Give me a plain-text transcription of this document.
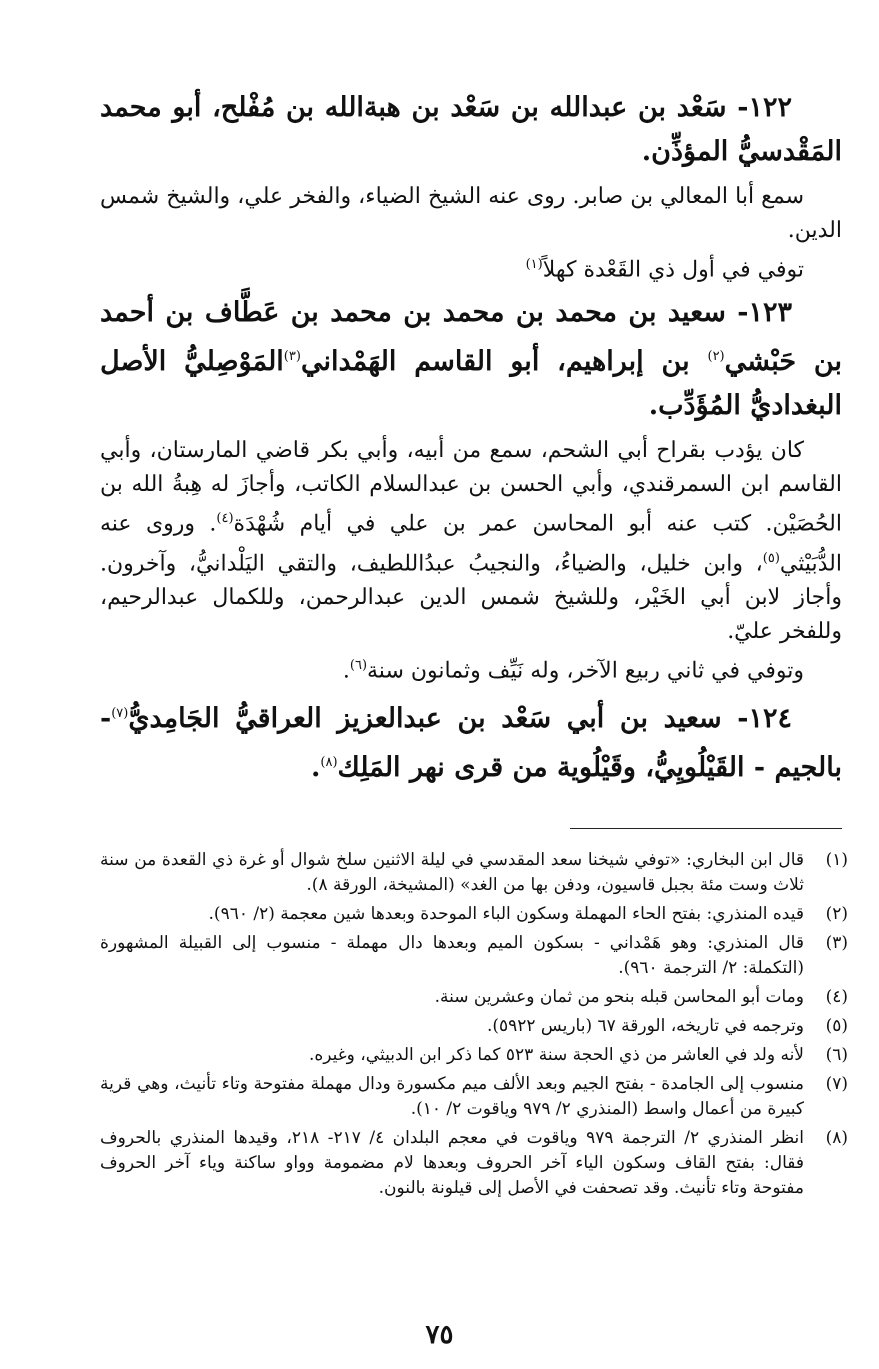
١٢٢- سَعْد بن عبدالله بن سَعْد بن هبةالله بن مُفْلح، أبو محمد المَقْدسيُّ المؤذِّن.

سمع أبا المعالي بن صابر. روى عنه الشيخ الضياء، والفخر علي، والشيخ شمس الدين.

توفي في أول ذي القَعْدة كهلاً$^{(١)}$

١٢٣- سعيد بن محمد بن محمد بن محمد بن عَطَّاف بن أحمد بن حَبْشي$^{(٢)}$ بن إبراهيم، أبو القاسم الهَمْداني$^{(٣)}$المَوْصِليُّ الأصل البغداديُّ المُؤَدِّب.

كان يؤدب بقراح أبي الشحم، سمع من أبيه، وأبي بكر قاضي المارستان، وأبي القاسم ابن السمرقندي، وأبي الحسن بن عبدالسلام الكاتب، وأجازَ له هِبةُ الله بن الحُصَيْن. كتب عنه أبو المحاسن عمر بن علي في أيام شُهْدَة$^{(٤)}$. وروى عنه الدُّبَيْثي$^{(٥)}$، وابن خليل، والضياءُ، والنجيبُ عبدُاللطيف، والتقي اليَلْدانيُّ، وآخرون. وأجاز لابن أبي الخَيْر، وللشيخ شمس الدين عبدالرحمن، وللكمال عبدالرحيم، وللفخر عليّ.

وتوفي في ثاني ربيع الآخر، وله نَيِّف وثمانون سنة$^{(٦)}$.

١٢٤- سعيد بن أبي سَعْد بن عبدالعزيز العراقيُّ الجَامِديُّ$^{(٧)}$- بالجيم - القَيْلُويِيُّ، وقَيْلُوية من قرى نهر المَلِك$^{(٨)}$.

(١)
قال ابن البخاري: «توفي شيخنا سعد المقدسي في ليلة الاثنين سلخ شوال أو غرة ذي القعدة من سنة ثلاث وست مئة بجبل قاسيون، ودفن بها من الغد» (المشيخة، الورقة ٨).
(٢)
قيده المنذري: بفتح الحاء المهملة وسكون الباء الموحدة وبعدها شين معجمة (٢/ ٩٦٠).
(٣)
قال المنذري: وهو هَمْداني - بسكون الميم وبعدها دال مهملة - منسوب إلى القبيلة المشهورة (التكملة: ٢/ الترجمة ٩٦٠).
(٤)
ومات أبو المحاسن قبله بنحو من ثمان وعشرين سنة.
(٥)
وترجمه في تاريخه، الورقة ٦٧ (باريس ٥٩٢٢).
(٦)
لأنه ولد في العاشر من ذي الحجة سنة ٥٢٣ كما ذكر ابن الدبيثي، وغيره.
(٧)
منسوب إلى الجامدة - بفتح الجيم وبعد الألف ميم مكسورة ودال مهملة مفتوحة وتاء تأنيث، وهي قرية كبيرة من أعمال واسط (المنذري ٢/ ٩٧٩ وياقوت ٢/ ١٠).
(٨)
انظر المنذري ٢/ الترجمة ٩٧٩ وياقوت في معجم البلدان ٤/ ٢١٧- ٢١٨، وقيدها المنذري بالحروف فقال: بفتح القاف وسكون الياء آخر الحروف وبعدها لام مضمومة وواو ساكنة وياء آخر الحروف مفتوحة وتاء تأنيث. وقد تصحفت في الأصل إلى قيلونة بالنون.
٧٥
